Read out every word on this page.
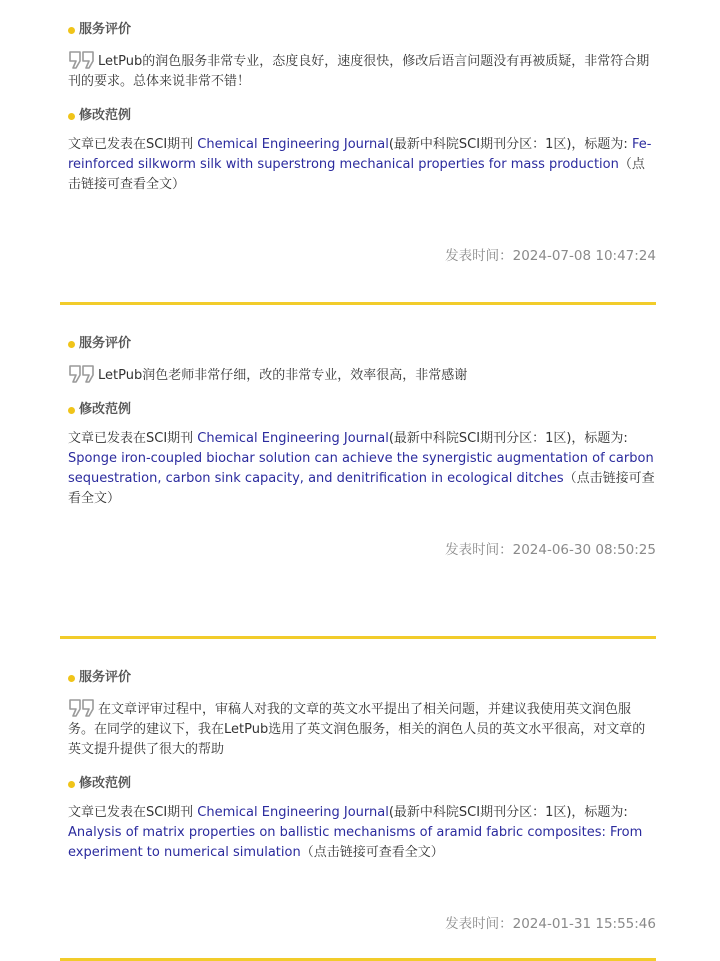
服务评价
LetPub的润色服务非常专业，态度良好，速度很快，修改后语言问题没有再被质疑，非常符合期刊的要求。总体来说非常不错！
修改范例
文章已发表在SCI期刊 Chemical Engineering Journal(最新中科院SCI期刊分区：1区)，标题为: Fe-reinforced silkworm silk with superstrong mechanical properties for mass production（点击链接可查看全文）
发表时间：2024-07-08 10:47:24
服务评价
LetPub润色老师非常仔细，改的非常专业，效率很高，非常感谢
修改范例
文章已发表在SCI期刊 Chemical Engineering Journal(最新中科院SCI期刊分区：1区)，标题为: Sponge iron-coupled biochar solution can achieve the synergistic augmentation of carbon sequestration, carbon sink capacity, and denitrification in ecological ditches（点击链接可查看全文）
发表时间：2024-06-30 08:50:25
服务评价
在文章评审过程中，审稿人对我的文章的英文水平提出了相关问题，并建议我使用英文润色服务。在同学的建议下，我在LetPub选用了英文润色服务，相关的润色人员的英文水平很高，对文章的英文提升提供了很大的帮助
修改范例
文章已发表在SCI期刊 Chemical Engineering Journal(最新中科院SCI期刊分区：1区)，标题为: Analysis of matrix properties on ballistic mechanisms of aramid fabric composites: From experiment to numerical simulation（点击链接可查看全文）
发表时间：2024-01-31 15:55:46
